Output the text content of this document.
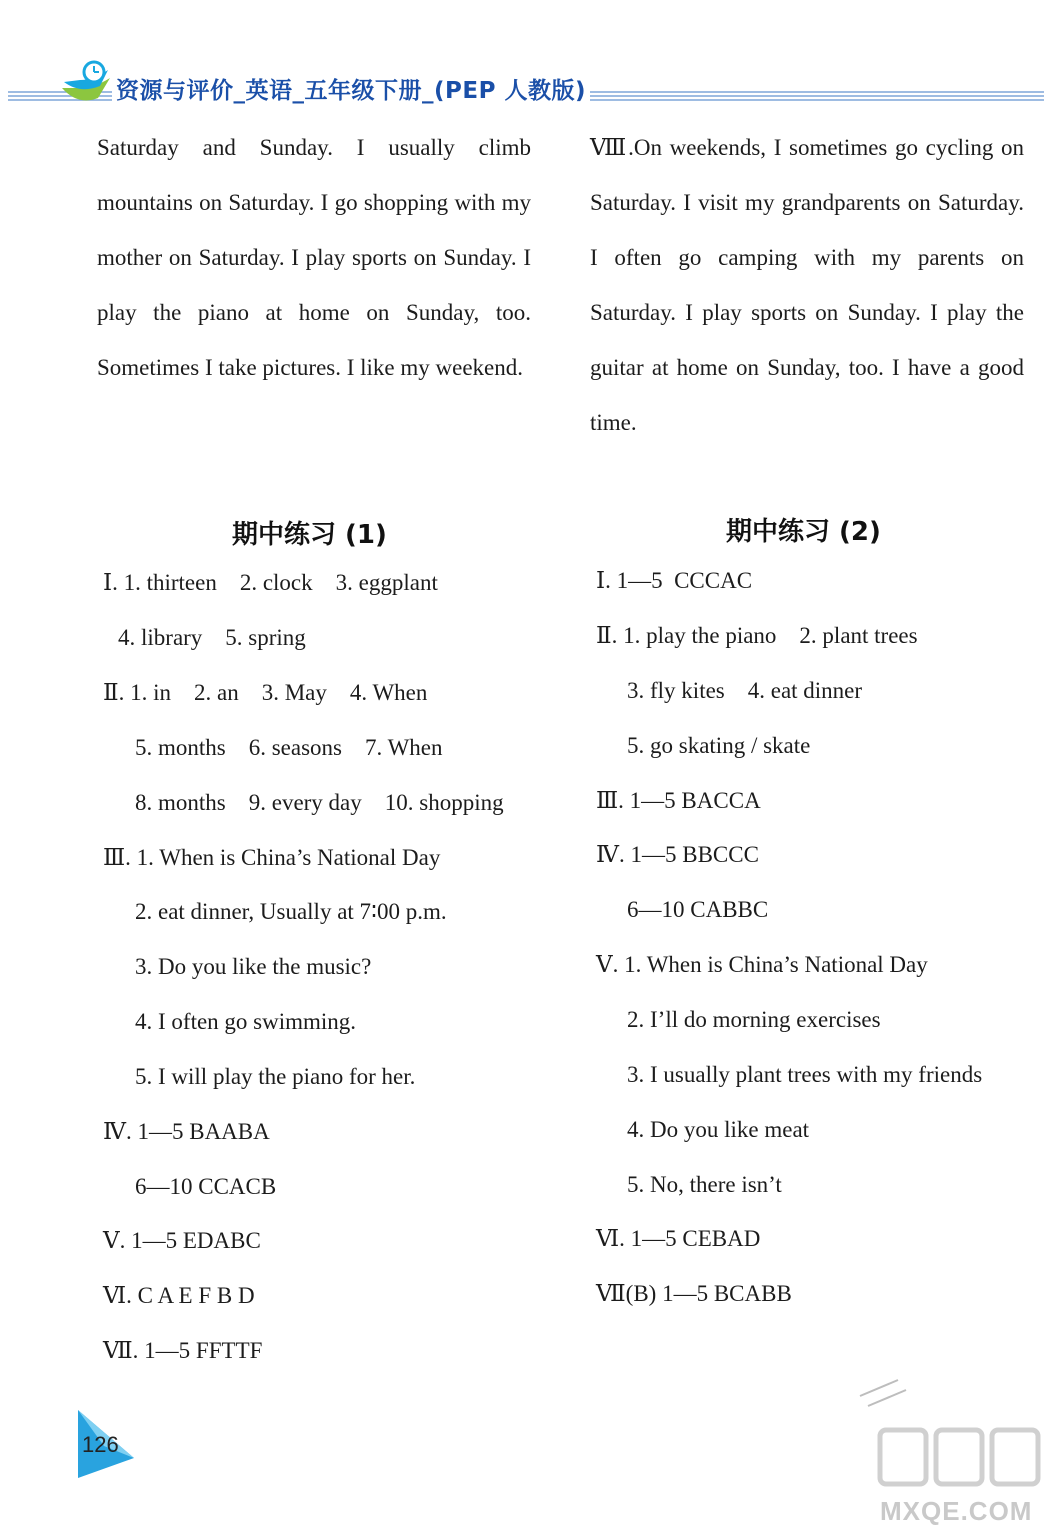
资源与评价_英语_五年级下册_(PEP 人教版)
Saturday and Sunday. I usually climb mountains on Saturday. I go shopping with my mother on Saturday. I play sports on Sunday. I play the piano at home on Sunday, too. Sometimes I take pictures. I like my weekend.
Ⅷ.On weekends, I sometimes go cycling on Saturday. I visit my grandparents on Saturday. I often go camping with my parents on Saturday. I play sports on Sunday. I play the guitar at home on Sunday, too. I have a good time.
期中练习 (1)
Ⅰ. 1. thirteen    2. clock    3. eggplant
4. library    5. spring
Ⅱ. 1. in    2. an    3. May    4. When
5. months    6. seasons    7. When
8. months    9. every day    10. shopping
Ⅲ. 1. When is China’s National Day
2. eat dinner, Usually at 7∶00 p.m.
3. Do you like the music?
4. I often go swimming.
5. I will play the piano for her.
Ⅳ. 1—5 BAABA
6—10 CCACB
Ⅴ. 1—5 EDABC
Ⅵ. C A E F B D
Ⅶ. 1—5 FFTTF
期中练习 (2)
Ⅰ. 1—5  CCCAC
Ⅱ. 1. play the piano    2. plant trees
3. fly kites    4. eat dinner
5. go skating / skate
Ⅲ. 1—5 BACCA
Ⅳ. 1—5 BBCCC
6—10 CABBC
Ⅴ. 1. When is China’s National Day
2. I’ll do morning exercises
3. I usually plant trees with my friends
4. Do you like meat
5. No, there isn’t
Ⅵ. 1—5 CEBAD
Ⅶ(B) 1—5 BCABB
126
MXQE.COM
